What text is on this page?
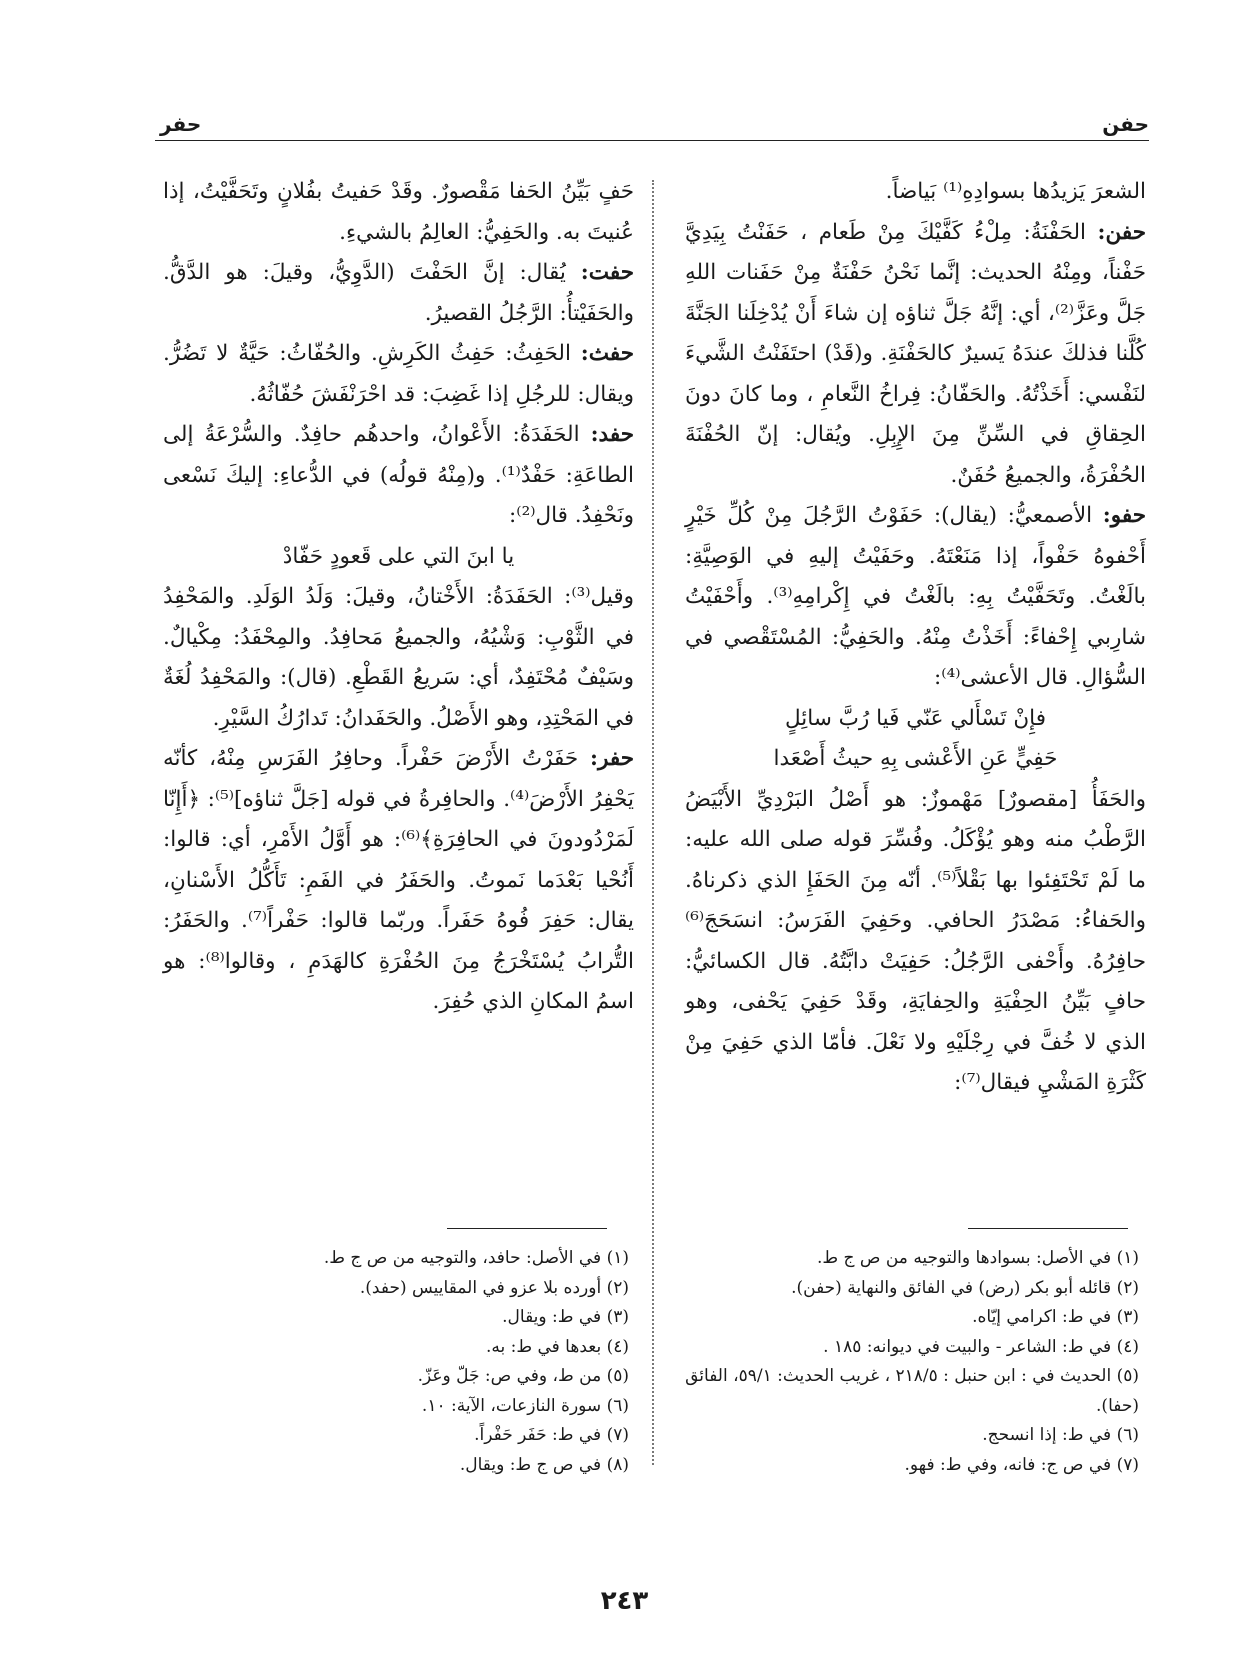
حفن
حفر

الشعرَ يَزيدُها بسوادِهِ⁽¹⁾ بَياضاً.

حفن: الحَفْنَةُ: مِلْءُ كَفَّيْكَ مِنْ طَعام ، حَفَنْتُ بِيَدِيَّ حَفْناً، ومِنْهُ الحديث: إنَّما نَحْنُ حَفْنَةٌ مِنْ حَفَنات اللهِ جَلَّ وعَزَّ⁽²⁾، أي: إنَّهُ جَلَّ ثناؤه إن شاءَ أَنْ يُدْخِلَنا الجَنَّةَ كُلَّنا فذلكَ عندَهُ يَسيرٌ كالحَفْنَةِ. و(قَدْ) احتَفَنْتُ الشَّيءَ لنَفْسي: أَخَذْتُهُ. والحَفّانُ: فِراخُ النَّعامِ ، وما كانَ دونَ الحِقاقِ في السِّنِّ مِنَ الإِبِلِ. ويُقال: إنّ الحُفْنَةَ الحُفْرَةُ، والجميعُ حُفَنٌ.

حفو: الأصمعيُّ: (يقال): حَفَوْتُ الرَّجُلَ مِنْ كُلِّ خَيْرٍ أَحْفوهُ حَفْواً، إذا مَنَعْتَهُ. وحَفَيْتُ إليهِ في الوَصِيَّةِ: بالَغْتُ. وتَحَفَّيْتُ بِهِ: بالَغْتُ في إِكْرامِهِ⁽³⁾. وأَحْفَيْتُ شارِبي إِحْفاءً: أَخَذْتُ مِنْهُ. والحَفِيُّ: المُسْتَقْصي في السُّؤالِ. قال الأعشى⁽⁴⁾:

فإِنْ تَسْأَلي عَنّي فَيا رُبَّ سائِلٍ

حَفِيٍّ عَنِ الأَعْشى بِهِ حيثُ أَصْعَدا

والحَفَأُ [مقصورٌ] مَهْموزٌ: هو أَصْلُ البَرْدِيِّ الأَبْيَضُ الرَّطْبُ منه وهو يُؤْكَلُ. وفُسِّرَ قوله صلى الله عليه: ما لَمْ تَحْتَفِئوا بها بَقْلاً⁽⁵⁾. أنّه مِنَ الحَفَإِ الذي ذكرناهُ. والحَفاءُ: مَصْدَرُ الحافي. وحَفِيَ الفَرَسُ: انسَحَجَ⁽⁶⁾ حافِرُهُ. وأَحْفى الرَّجُلُ: حَفِيَتْ دابَّتُهُ. قال الكسائيُّ: حافٍ بَيِّنُ الحِفْيَةِ والحِفايَةِ، وقَدْ حَفِيَ يَحْفى، وهو الذي لا خُفَّ في رِجْلَيْهِ ولا نَعْلَ. فأمّا الذي حَفِيَ مِنْ كَثْرَةِ المَشْيِ فيقال⁽⁷⁾:

حَفٍ بَيِّنُ الحَفا مَقْصورٌ. وقَدْ حَفيتُ بفُلانٍ وتَحَفَّيْتُ، إذا عُنيتَ به. والحَفِيُّ: العالِمُ بالشيءِ.

حفت: يُقال: إنَّ الحَفْتَ (الدَّوِيُّ، وقيلَ: هو الدَّقُّ. والحَفَيْتأُ: الرَّجُلُ القصيرُ.

حفث: الحَفِثُ: حَفِثُ الكَرِشِ. والحُفّاثُ: حَيَّةٌ لا تَضُرُّ. ويقال: للرجُلِ إذا غَضِبَ: قد احْرَنْفَشَ حُفّاثُهُ.

حفد: الحَفَدَةُ: الأَعْوانُ، واحدهُم حافِدٌ. والسُّرْعَةُ إلى الطاعَةِ: حَفْدٌ⁽¹⁾. و(مِنْهُ قولُه) في الدُّعاءِ: إليكَ نَسْعى ونَحْفِدُ. قال⁽²⁾:

يا ابنَ التي على قَعودٍ حَفّادْ

وقيل⁽³⁾: الحَفَدَةُ: الأَخْتانُ، وقيلَ: وَلَدُ الوَلَدِ. والمَحْفِدُ في الثَّوْبِ: وَشْيُهُ، والجميعُ مَحافِدُ. والمِحْفَدُ: مِكْيالٌ. وسَيْفٌ مُحْتَفِدٌ، أي: سَريعُ القَطْعِ. (قال): والمَحْفِدُ لُغَةٌ في المَحْتِدِ، وهو الأَصْلُ. والحَفَدانُ: تَدارُكُ السَّيْرِ.

حفر: حَفَرْتُ الأَرْضَ حَفْراً. وحافِرُ الفَرَسِ مِنْهُ، كأنّه يَحْفِرُ الأَرْضَ⁽⁴⁾. والحافِرةُ في قوله [جَلَّ ثناؤه]⁽⁵⁾: ﴿أَإِنّا لَمَرْدُودونَ في الحافِرَةِ﴾⁽⁶⁾: هو أَوَّلُ الأَمْرِ، أي: قالوا: أَنُحْيا بَعْدَما نَموتُ. والحَفَرُ في الفَمِ: تَأَكُّلُ الأَسْنانِ، يقال: حَفِرَ فُوهُ حَفَراً. وربّما قالوا: حَفْراً⁽⁷⁾. والحَفَرُ: التُّرابُ يُسْتَخْرَجُ مِنَ الحُفْرَةِ كالهَدَمِ ، وقالوا⁽⁸⁾: هو اسمُ المكانِ الذي حُفِرَ.

(١) في الأصل: بسوادها والتوجيه من ص ج ط.
(٢) قائله أبو بكر (رض) في الفائق والنهاية (حفن).
(٣) في ط: اكرامي إيّاه.
(٤) في ط: الشاعر - والبيت في ديوانه: ١٨٥ .
(٥) الحديث في : ابن حنبل : ٢١٨/٥ ، غريب الحديث: ٥٩/١، الفائق (حفا).
(٦) في ط: إذا انسحج.
(٧) في ص ج: فانه، وفي ط: فهو.
(١) في الأصل: حافد، والتوجيه من ص ج ط.
(٢) أورده بلا عزو في المقاييس (حفد).
(٣) في ط: ويقال.
(٤) بعدها في ط: به.
(٥) من ط، وفي ص: جَلّ وعَزّ.
(٦) سورة النازعات، الآية: ١٠.
(٧) في ط: حَفَر حَفْراً.
(٨) في ص ج ط: ويقال.
٢٤٣
